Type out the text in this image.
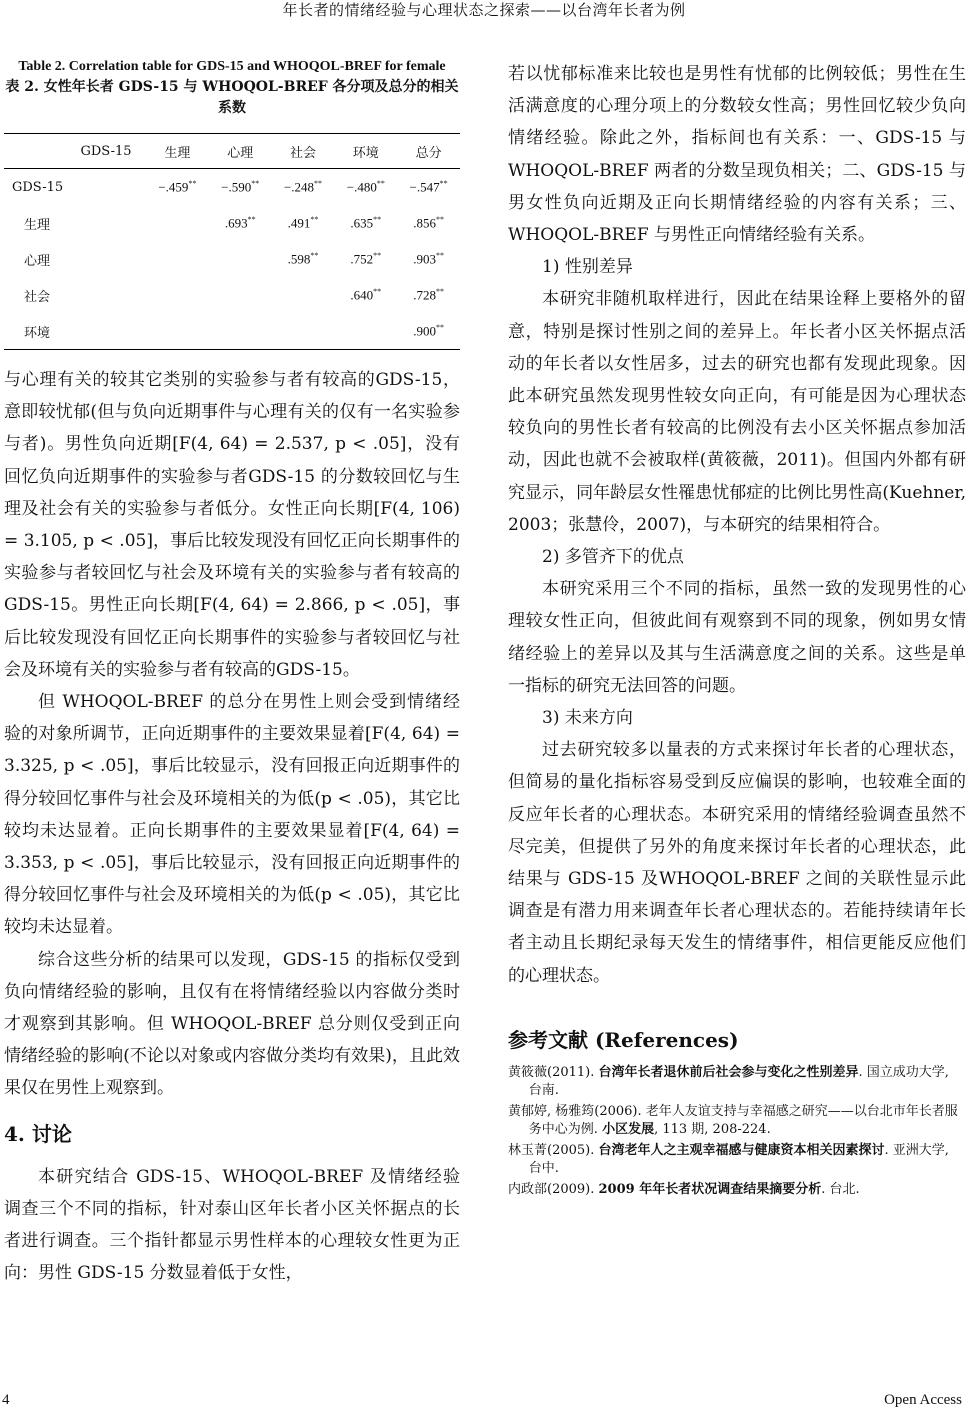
年长者的情绪经验与心理状态之探索——以台湾年长者为例
Table 2. Correlation table for GDS-15 and WHOQOL-BREF for female
表 2. 女性年长者 GDS-15 与 WHOQOL-BREF 各分项及总分的相关系数
	GDS-15	生理	心理	社会	环境	总分
GDS-15		−.459**	−.590**	−.248**	−.480**	−.547**
生理			.693**	.491**	.635**	.856**
心理				.598**	.752**	.903**
社会					.640**	.728**
环境						.900**

与心理有关的较其它类别的实验参与者有较高的GDS-15，意即较忧郁(但与负向近期事件与心理有关的仅有一名实验参与者)。男性负向近期[F(4, 64) = 2.537, p < .05]，没有回忆负向近期事件的实验参与者GDS-15 的分数较回忆与生理及社会有关的实验参与者低分。女性正向长期[F(4, 106) = 3.105, p < .05]，事后比较发现没有回忆正向长期事件的实验参与者较回忆与社会及环境有关的实验参与者有较高的GDS-15。男性正向长期[F(4, 64) = 2.866, p < .05]，事后比较发现没有回忆正向长期事件的实验参与者较回忆与社会及环境有关的实验参与者有较高的GDS-15。

但 WHOQOL-BREF 的总分在男性上则会受到情绪经验的对象所调节，正向近期事件的主要效果显着[F(4, 64) = 3.325, p < .05]，事后比较显示，没有回报正向近期事件的得分较回忆事件与社会及环境相关的为低(p < .05)，其它比较均未达显着。正向长期事件的主要效果显着[F(4, 64) = 3.353, p < .05]，事后比较显示，没有回报正向近期事件的得分较回忆事件与社会及环境相关的为低(p < .05)，其它比较均未达显着。

综合这些分析的结果可以发现，GDS-15 的指标仅受到负向情绪经验的影响，且仅有在将情绪经验以内容做分类时才观察到其影响。但 WHOQOL-BREF 总分则仅受到正向情绪经验的影响(不论以对象或内容做分类均有效果)，且此效果仅在男性上观察到。

4. 讨论

本研究结合 GDS-15、WHOQOL-BREF 及情绪经验调查三个不同的指标，针对泰山区年长者小区关怀据点的长者进行调查。三个指针都显示男性样本的心理较女性更为正向：男性 GDS-15 分数显着低于女性，

若以忧郁标准来比较也是男性有忧郁的比例较低；男性在生活满意度的心理分项上的分数较女性高；男性回忆较少负向情绪经验。除此之外，指标间也有关系：一、GDS-15 与 WHOQOL-BREF 两者的分数呈现负相关；二、GDS-15 与男女性负向近期及正向长期情绪经验的内容有关系；三、WHOQOL-BREF 与男性正向情绪经验有关系。

1) 性别差异

本研究非随机取样进行，因此在结果诠释上要格外的留意，特别是探讨性别之间的差异上。年长者小区关怀据点活动的年长者以女性居多，过去的研究也都有发现此现象。因此本研究虽然发现男性较女向正向，有可能是因为心理状态较负向的男性长者有较高的比例没有去小区关怀据点参加活动，因此也就不会被取样(黄筱薇，2011)。但国内外都有研究显示，同年龄层女性罹患忧郁症的比例比男性高(Kuehner, 2003；张慧伶，2007)，与本研究的结果相符合。

2) 多管齐下的优点

本研究采用三个不同的指标，虽然一致的发现男性的心理较女性正向，但彼此间有观察到不同的现象，例如男女情绪经验上的差异以及其与生活满意度之间的关系。这些是单一指标的研究无法回答的问题。

3) 未来方向

过去研究较多以量表的方式来探讨年长者的心理状态，但简易的量化指标容易受到反应偏误的影响，也较难全面的反应年长者的心理状态。本研究采用的情绪经验调查虽然不尽完美，但提供了另外的角度来探讨年长者的心理状态，此结果与 GDS-15 及WHOQOL-BREF 之间的关联性显示此调查是有潜力用来调查年长者心理状态的。若能持续请年长者主动且长期纪录每天发生的情绪事件，相信更能反应他们的心理状态。

参考文献 (References)

黄筱薇(2011). 台湾年长者退休前后社会参与变化之性别差异. 国立成功大学, 台南.

黄郁婷, 杨雅筠(2006). 老年人友谊支持与幸福感之研究——以台北市年长者服务中心为例. 小区发展, 113 期, 208-224.

林玉菁(2005). 台湾老年人之主观幸福感与健康资本相关因素探讨. 亚洲大学, 台中.

内政部(2009). 2009 年年长者状况调查结果摘要分析. 台北.

4	Open Access
